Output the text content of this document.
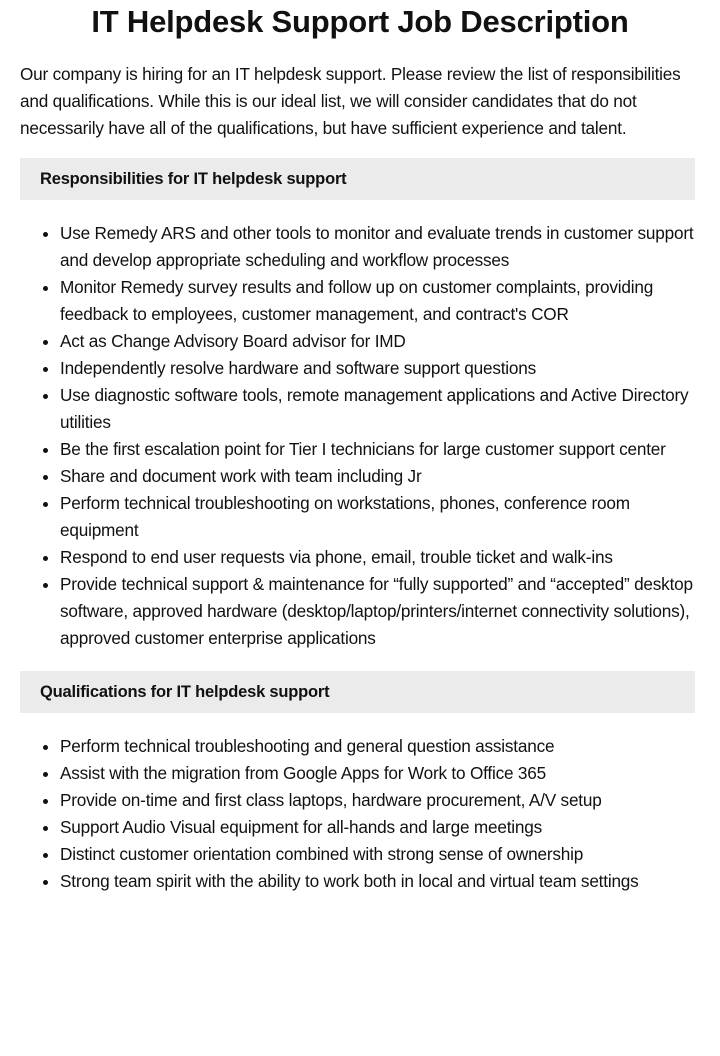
IT Helpdesk Support Job Description

Our company is hiring for an IT helpdesk support. Please review the list of responsibilities and qualifications. While this is our ideal list, we will consider candidates that do not necessarily have all of the qualifications, but have sufficient experience and talent.

Responsibilities for IT helpdesk support
• Use Remedy ARS and other tools to monitor and evaluate trends in customer support and develop appropriate scheduling and workflow processes
• Monitor Remedy survey results and follow up on customer complaints, providing feedback to employees, customer management, and contract's COR
• Act as Change Advisory Board advisor for IMD
• Independently resolve hardware and software support questions
• Use diagnostic software tools, remote management applications and Active Directory utilities
• Be the first escalation point for Tier I technicians for large customer support center
• Share and document work with team including Jr
• Perform technical troubleshooting on workstations, phones, conference room equipment
• Respond to end user requests via phone, email, trouble ticket and walk-ins
• Provide technical support & maintenance for “fully supported” and “accepted” desktop software, approved hardware (desktop/laptop/printers/internet connectivity solutions), approved customer enterprise applications
Qualifications for IT helpdesk support
• Perform technical troubleshooting and general question assistance
• Assist with the migration from Google Apps for Work to Office 365
• Provide on-time and first class laptops, hardware procurement, A/V setup
• Support Audio Visual equipment for all-hands and large meetings
• Distinct customer orientation combined with strong sense of ownership
• Strong team spirit with the ability to work both in local and virtual team settings
